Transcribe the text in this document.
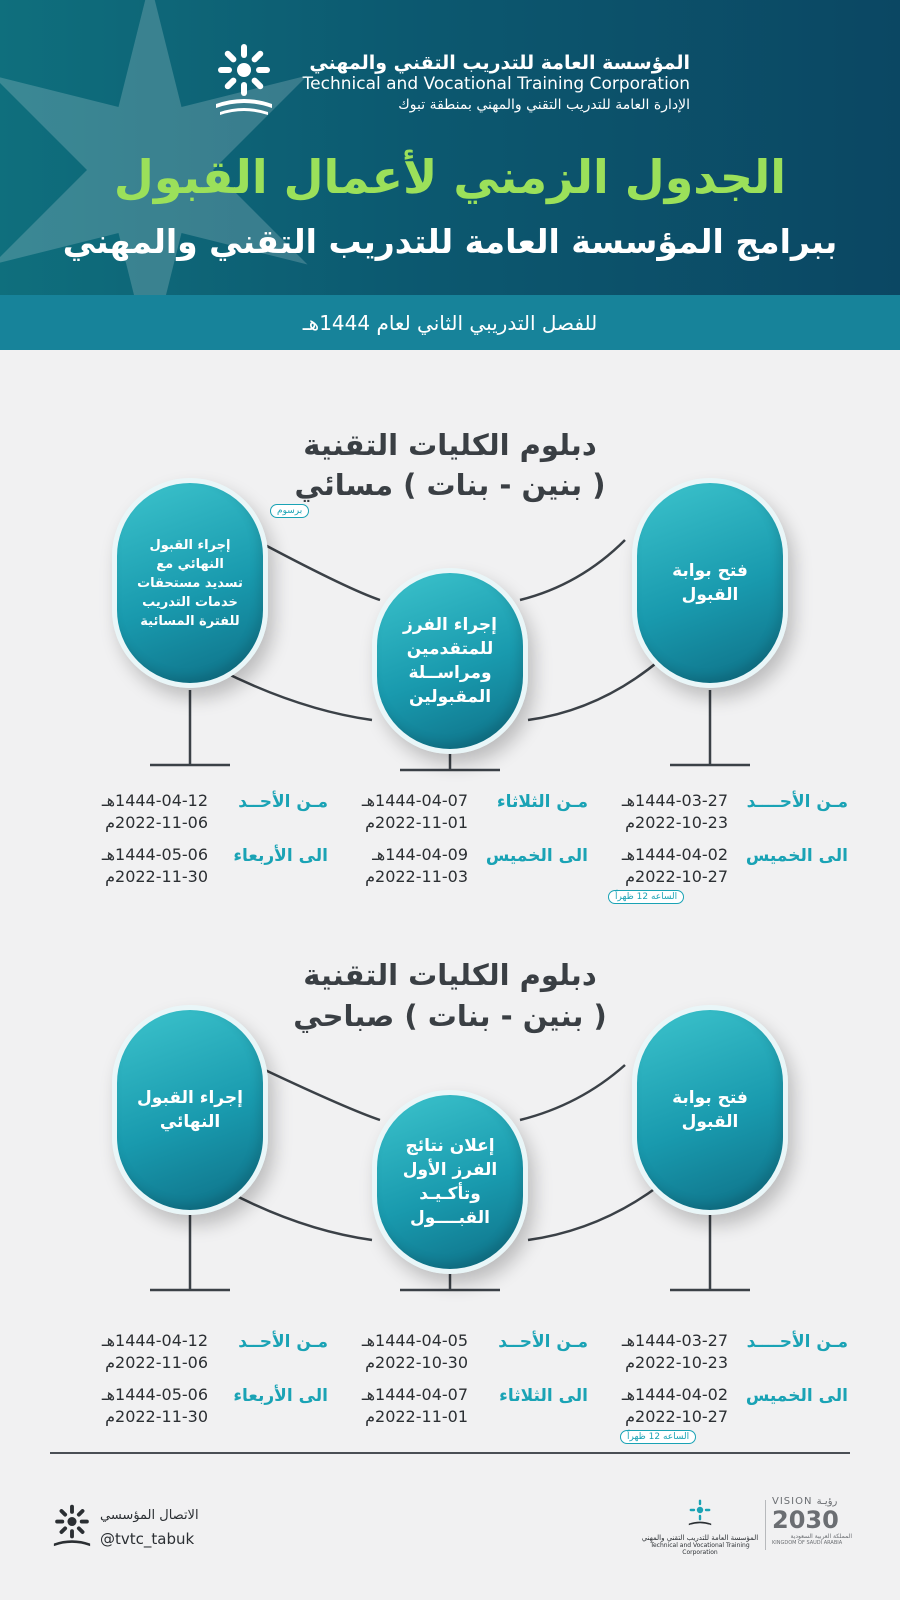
المؤسسة العامة للتدريب التقني والمهني
Technical and Vocational Training Corporation
الإدارة العامة للتدريب التقني والمهني بمنطقة تبوك
الجدول الزمني لأعمال القبول
ببرامج المؤسسة العامة للتدريب التقني والمهني
للفصل التدريبي الثاني لعام 1444هـ
دبلوم الكليات التقنية
( بنين - بنات ) مسائي
برسوم
فتح بوابة
القبول
إجراء الفرز
للمتقدمين
ومراســلة
المقبولين
إجراء القبول
النهائي مع
تسديد مستحقات
خدمات التدريب
للفترة المسائية
مـن الأحــــد
1444-03-27هـ
2022-10-23م
الى الخميس
1444-04-02هـ
2022-10-27م
الساعه 12 ظهراً
مـن الثلاثاء
1444-04-07هـ
2022-11-01م
الى الخميس
144-04-09هـ
2022-11-03م
مـن الأحــد
1444-04-12هـ
2022-11-06م
الى الأربعاء
1444-05-06هـ
2022-11-30م
دبلوم الكليات التقنية
( بنين - بنات ) صباحي
فتح بوابة
القبول
إعلان نتائج
الفرز الأول
وتأكـيـد
القبــــول
إجراء القبول
النهائي
مـن الأحــــد
1444-03-27هـ
2022-10-23م
الى الخميس
1444-04-02هـ
2022-10-27م
الساعه 12 ظهراً
مـن الأحــد
1444-04-05هـ
2022-10-30م
الى الثلاثاء
1444-04-07هـ
2022-11-01م
مـن الأحــد
1444-04-12هـ
2022-11-06م
الى الأربعاء
1444-05-06هـ
2022-11-30م
الاتصال المؤسسي
@tvtc_tabuk	المؤسسة العامة للتدريب التقني والمهني
Technical and Vocational Training Corporation
VISION رؤيـة
2030
المملكة العربية السعودية
KINGDOM OF SAUDI ARABIA
